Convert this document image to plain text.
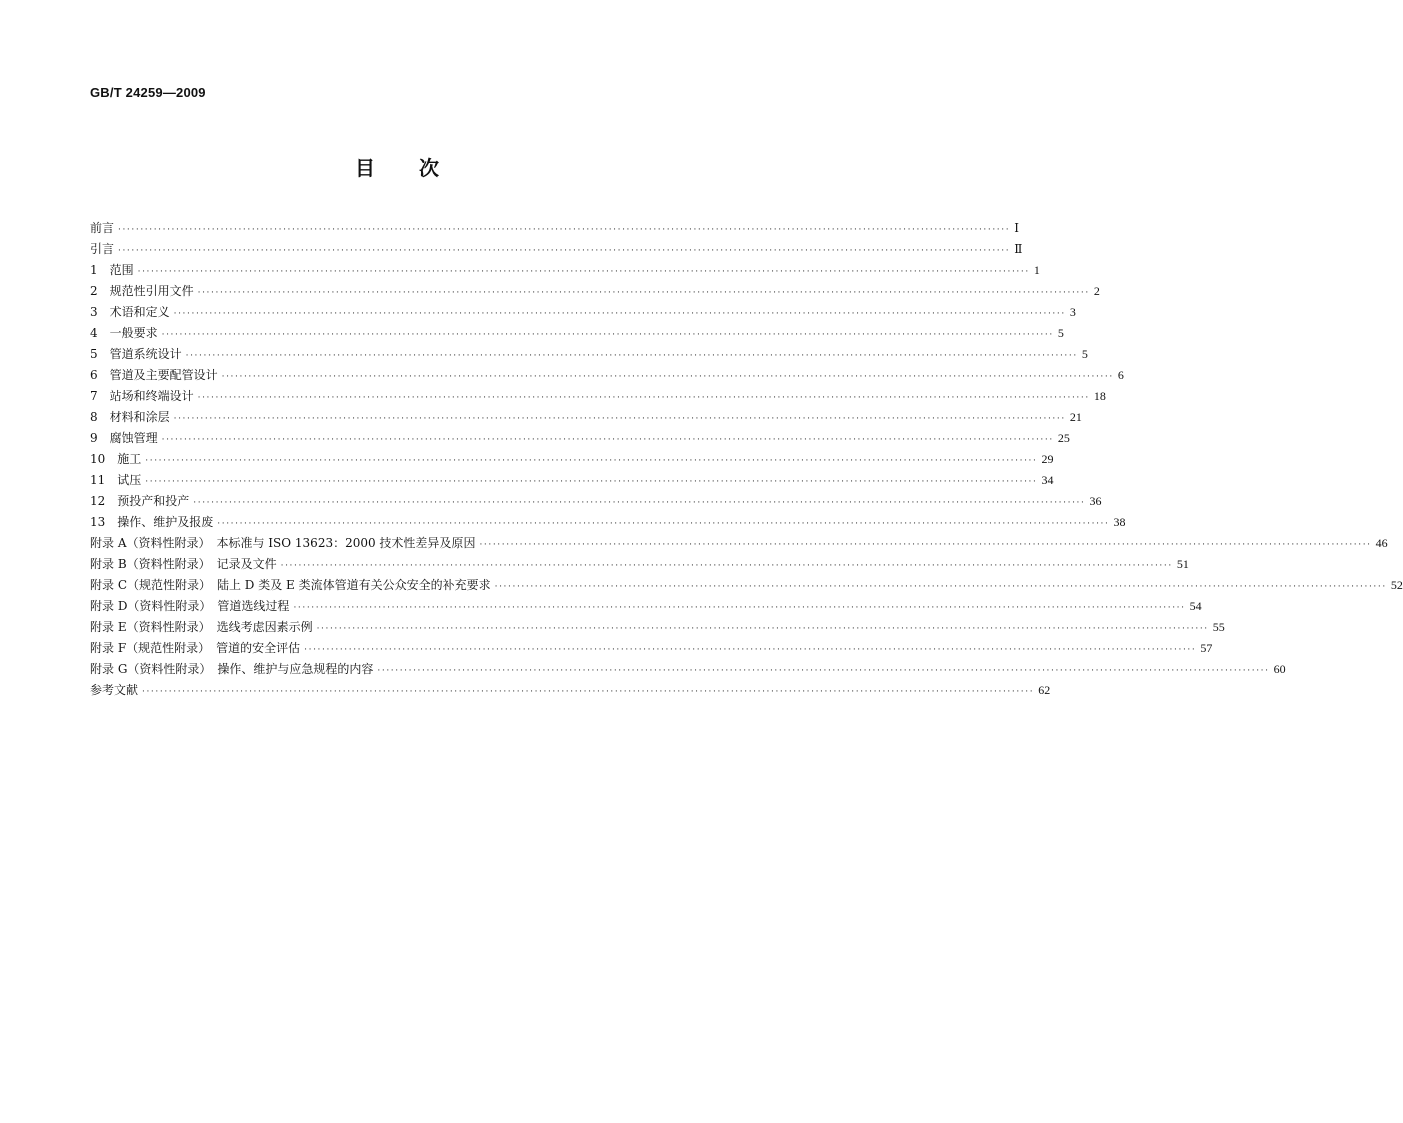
GB/T 24259—2009
目次
前言 ········································································································································································································ Ⅰ
引言 ········································································································································································································ Ⅱ
1　范围 ········································································································································································································ 1
2　规范性引用文件 ········································································································································································································ 2
3　术语和定义 ········································································································································································································ 3
4　一般要求 ········································································································································································································ 5
5　管道系统设计 ········································································································································································································ 5
6　管道及主要配管设计 ········································································································································································································ 6
7　站场和终端设计 ········································································································································································································ 18
8　材料和涂层 ········································································································································································································ 21
9　腐蚀管理 ········································································································································································································ 25
10　施工 ········································································································································································································ 29
11　试压 ········································································································································································································ 34
12　预投产和投产 ········································································································································································································ 36
13　操作、维护及报废 ········································································································································································································ 38
附录 A（资料性附录）　本标准与 ISO 13623：2000 技术性差异及原因 ········································································································································································································ 46
附录 B（资料性附录）　记录及文件 ········································································································································································································ 51
附录 C（规范性附录）　陆上 D 类及 E 类流体管道有关公众安全的补充要求 ········································································································································································································ 52
附录 D（资料性附录）　管道选线过程 ········································································································································································································ 54
附录 E（资料性附录）　选线考虑因素示例 ········································································································································································································ 55
附录 F（规范性附录）　管道的安全评估 ········································································································································································································ 57
附录 G（资料性附录）　操作、维护与应急规程的内容 ········································································································································································································ 60
参考文献 ········································································································································································································ 62
